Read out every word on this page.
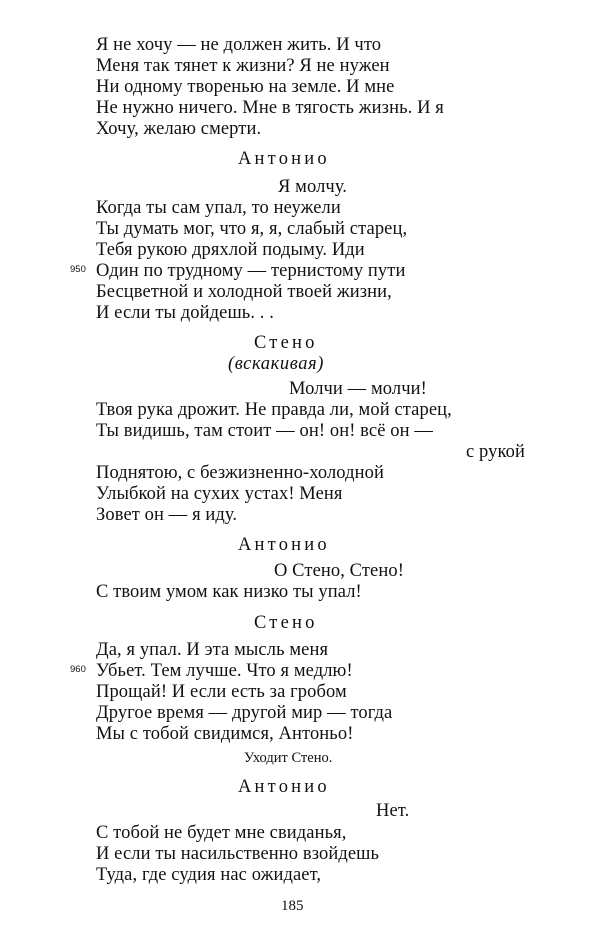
Я не хочу — не должен жить. И что
Меня так тянет к жизни? Я не нужен
Ни одному творенью на земле. И мне
Не нужно ничего. Мне в тягость жизнь. И я
Хочу, желаю смерти.
Антонио
Я молчу.
Когда ты сам упал, то неужели
Ты думать мог, что я, я, слабый старец,
Тебя рукою дряхлой подыму. Иди
950 Один по трудному — тернистому пути
Бесцветной и холодной твоей жизни,
И если ты дойдешь. . .
Стено
(вскакивая)
Молчи — молчи!
Твоя рука дрожит. Не правда ли, мой старец,
Ты видишь, там стоит — он! он! всё он —
с рукой
Поднятою, с безжизненно-холодной
Улыбкой на сухих устах! Меня
Зовет он — я иду.
Антонио
О Стено, Стено!
С твоим умом как низко ты упал!
Стено
Да, я упал. И эта мысль меня
960 Убьет. Тем лучше. Что я медлю!
Прощай! И если есть за гробом
Другое время — другой мир — тогда
Мы с тобой свидимся, Антоньо!
Уходит Стено.
Антонио
Нет.
С тобой не будет мне свиданья,
И если ты насильственно взойдешь
Туда, где судия нас ожидает,
185
